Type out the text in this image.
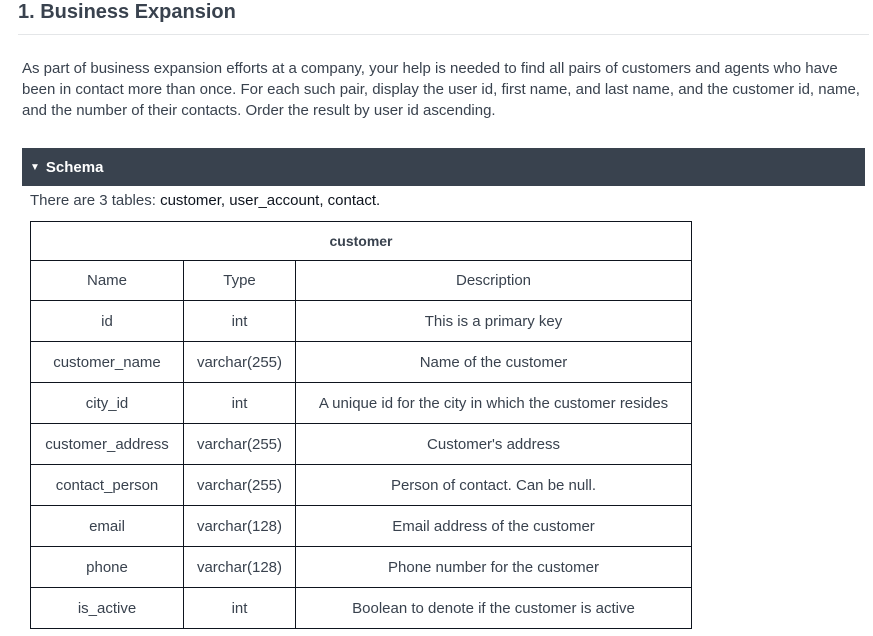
1. Business Expansion

As part of business expansion efforts at a company, your help is needed to find all pairs of customers and agents who have been in contact more than once. For each such pair, display the user id, first name, and last name, and the customer id, name, and the number of their contacts. Order the result by user id ascending.

▼ Schema
There are 3 tables: customer, user_account, contact.
customer		
Name	Type	Description
id	int	This is a primary key
customer_name	varchar(255)	Name of the customer
city_id	int	A unique id for the city in which the customer resides
customer_address	varchar(255)	Customer's address
contact_person	varchar(255)	Person of contact. Can be null.
email	varchar(128)	Email address of the customer
phone	varchar(128)	Phone number for the customer
is_active	int	Boolean to denote if the customer is active
